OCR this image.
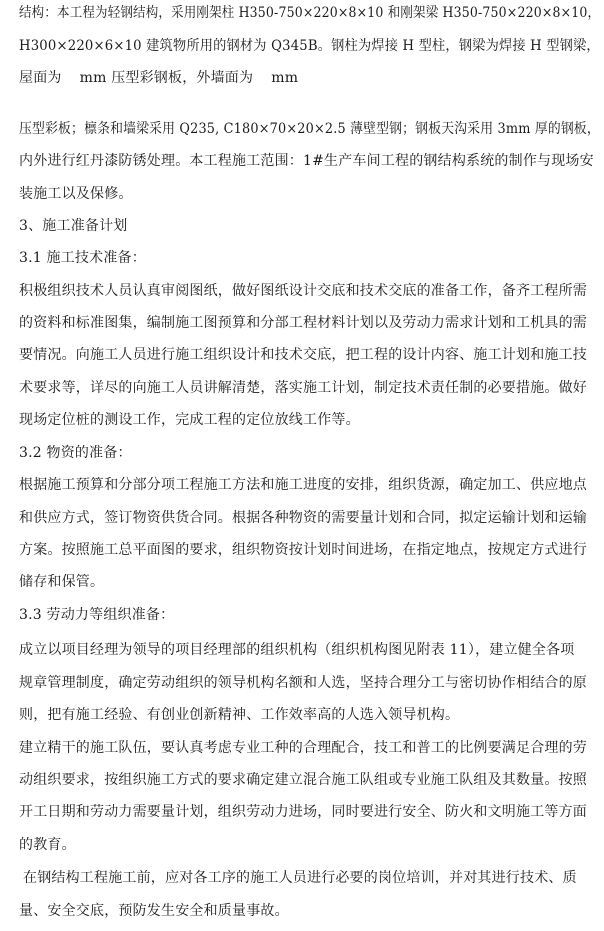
结构：本工程为轻钢结构，采用刚架柱 H350-750×220×8×10 和刚架梁 H350-750×220×8×10，
H300×220×6×10 建筑物所用的钢材为 Q345B。钢柱为焊接 H 型柱，钢梁为焊接 H 型钢梁，
屋面为 mm 压型彩钢板，外墙面为 mm
压型彩板；檩条和墙梁采用 Q235, C180×70×20×2.5 薄壁型钢；钢板天沟采用 3mm 厚的钢板，
内外进行红丹漆防锈处理。本工程施工范围：1#生产车间工程的钢结构系统的制作与现场安
装施工以及保修。
3、施工准备计划
3.1 施工技术准备：
积极组织技术人员认真审阅图纸，做好图纸设计交底和技术交底的准备工作，备齐工程所需
的资料和标准图集，编制施工图预算和分部工程材料计划以及劳动力需求计划和工机具的需
要情况。向施工人员进行施工组织设计和技术交底，把工程的设计内容、施工计划和施工技
术要求等，详尽的向施工人员讲解清楚，落实施工计划，制定技术责任制的必要措施。做好
现场定位桩的测设工作，完成工程的定位放线工作等。
3.2 物资的准备：
根据施工预算和分部分项工程施工方法和施工进度的安排，组织货源，确定加工、供应地点
和供应方式，签订物资供货合同。根据各种物资的需要量计划和合同，拟定运输计划和运输
方案。按照施工总平面图的要求，组织物资按计划时间进场，在指定地点，按规定方式进行
储存和保管。
3.3 劳动力等组织准备：
成立以项目经理为领导的项目经理部的组织机构（组织机构图见附表 11），建立健全各项
规章管理制度，确定劳动组织的领导机构名额和人选，坚持合理分工与密切协作相结合的原
则，把有施工经验、有创业创新精神、工作效率高的人选入领导机构。
建立精干的施工队伍，要认真考虑专业工种的合理配合，技工和普工的比例要满足合理的劳
动组织要求，按组织施工方式的要求确定建立混合施工队组或专业施工队组及其数量。按照
开工日期和劳动力需要量计划，组织劳动力进场，同时要进行安全、防火和文明施工等方面
的教育。
在钢结构工程施工前，应对各工序的施工人员进行必要的岗位培训，并对其进行技术、质
量、安全交底，预防发生安全和质量事故。
